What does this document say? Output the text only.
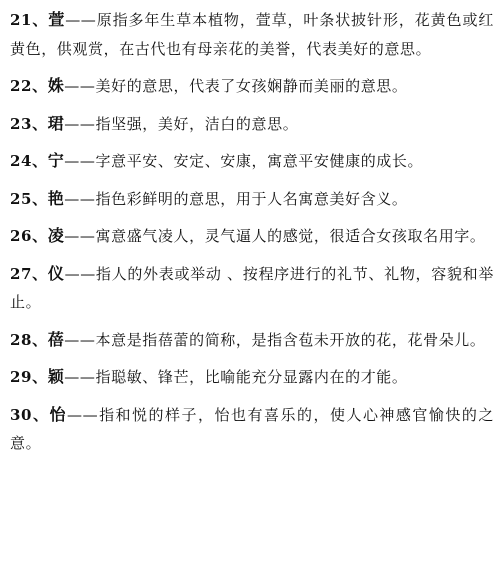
21、萱——原指多年生草本植物，萱草，叶条状披针形，花黄色或红黄色，供观赏，在古代也有母亲花的美誉，代表美好的意思。
22、姝——美好的意思，代表了女孩娴静而美丽的意思。
23、珺——指坚强，美好，洁白的意思。
24、宁——字意平安、安定、安康，寓意平安健康的成长。
25、艳——指色彩鲜明的意思，用于人名寓意美好含义。
26、凌——寓意盛气凌人，灵气逼人的感觉，很适合女孩取名用字。
27、仪——指人的外表或举动 、按程序进行的礼节、礼物，容貌和举止。
28、蓓——本意是指蓓蕾的简称，是指含苞未开放的花，花骨朵儿。
29、颖——指聪敏、锋芒，比喻能充分显露内在的才能。
30、怡——指和悦的样子，怡也有喜乐的，使人心神感官愉快的之意。
